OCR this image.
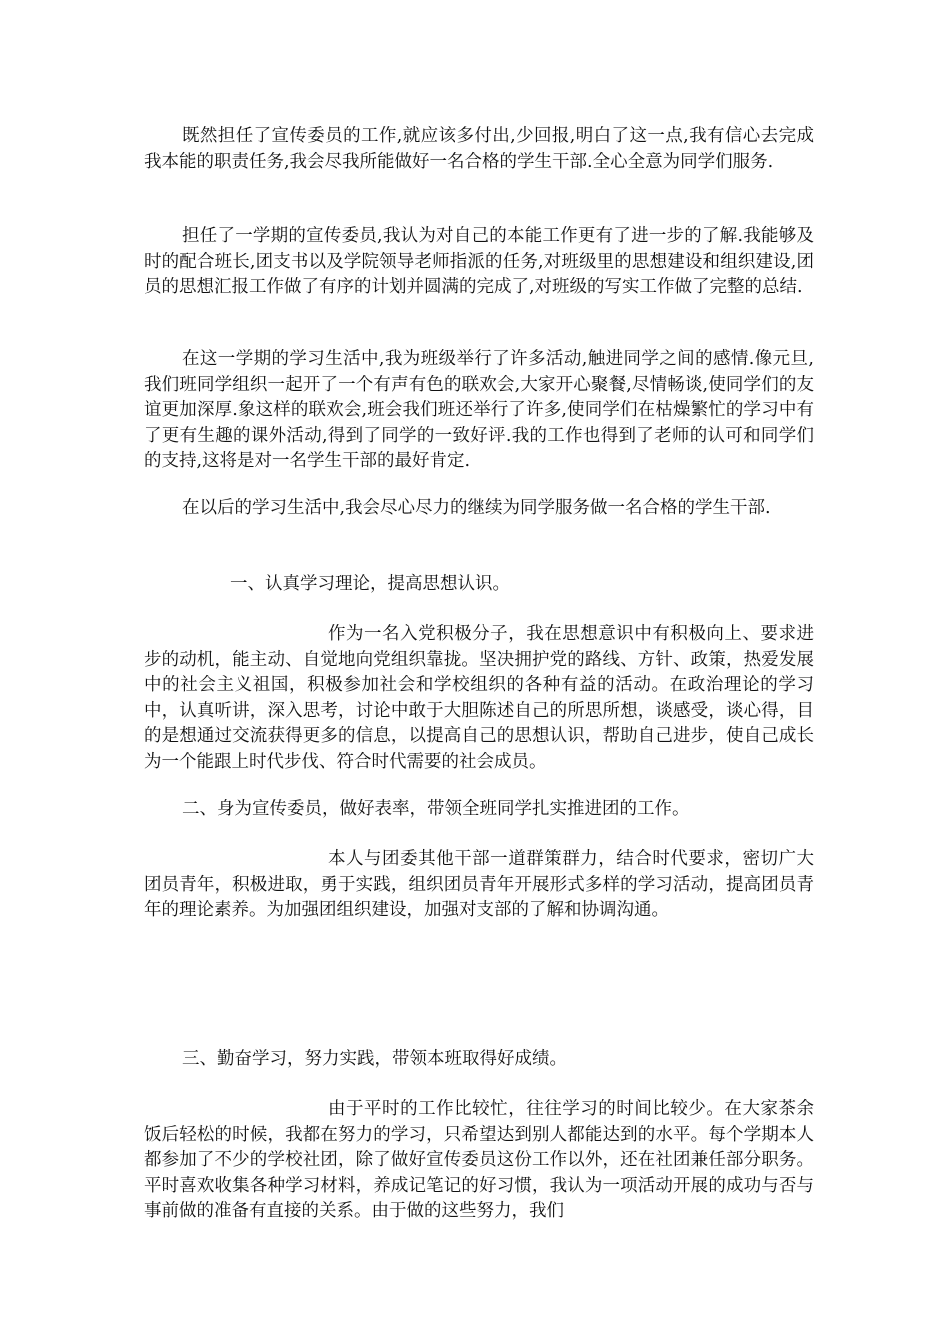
既然担任了宣传委员的工作,就应该多付出,少回报,明白了这一点,我有信心去完成我本能的职责任务,我会尽我所能做好一名合格的学生干部.全心全意为同学们服务.

担任了一学期的宣传委员,我认为对自己的本能工作更有了进一步的了解.我能够及时的配合班长,团支书以及学院领导老师指派的任务,对班级里的思想建设和组织建设,团员的思想汇报工作做了有序的计划并圆满的完成了,对班级的写实工作做了完整的总结.

在这一学期的学习生活中,我为班级举行了许多活动,触进同学之间的感情.像元旦,我们班同学组织一起开了一个有声有色的联欢会,大家开心聚餐,尽情畅谈,使同学们的友谊更加深厚.象这样的联欢会,班会我们班还举行了许多,使同学们在枯燥繁忙的学习中有了更有生趣的课外活动,得到了同学的一致好评.我的工作也得到了老师的认可和同学们的支持,这将是对一名学生干部的最好肯定.

在以后的学习生活中,我会尽心尽力的继续为同学服务做一名合格的学生干部.

一、认真学习理论，提高思想认识。

作为一名入党积极分子，我在思想意识中有积极向上、要求进步的动机，能主动、自觉地向党组织靠拢。坚决拥护党的路线、方针、政策，热爱发展中的社会主义祖国，积极参加社会和学校组织的各种有益的活动。在政治理论的学习中，认真听讲，深入思考，讨论中敢于大胆陈述自己的所思所想，谈感受，谈心得，目的是想通过交流获得更多的信息，以提高自己的思想认识，帮助自己进步，使自己成长为一个能跟上时代步伐、符合时代需要的社会成员。

二、身为宣传委员，做好表率，带领全班同学扎实推进团的工作。

本人与团委其他干部一道群策群力，结合时代要求，密切广大团员青年，积极进取，勇于实践，组织团员青年开展形式多样的学习活动，提高团员青年的理论素养。为加强团组织建设，加强对支部的了解和协调沟通。

三、勤奋学习，努力实践，带领本班取得好成绩。

由于平时的工作比较忙，往往学习的时间比较少。在大家茶余饭后轻松的时候，我都在努力的学习，只希望达到别人都能达到的水平。每个学期本人都参加了不少的学校社团，除了做好宣传委员这份工作以外，还在社团兼任部分职务。平时喜欢收集各种学习材料，养成记笔记的好习惯，我认为一项活动开展的成功与否与事前做的准备有直接的关系。由于做的这些努力，我们
